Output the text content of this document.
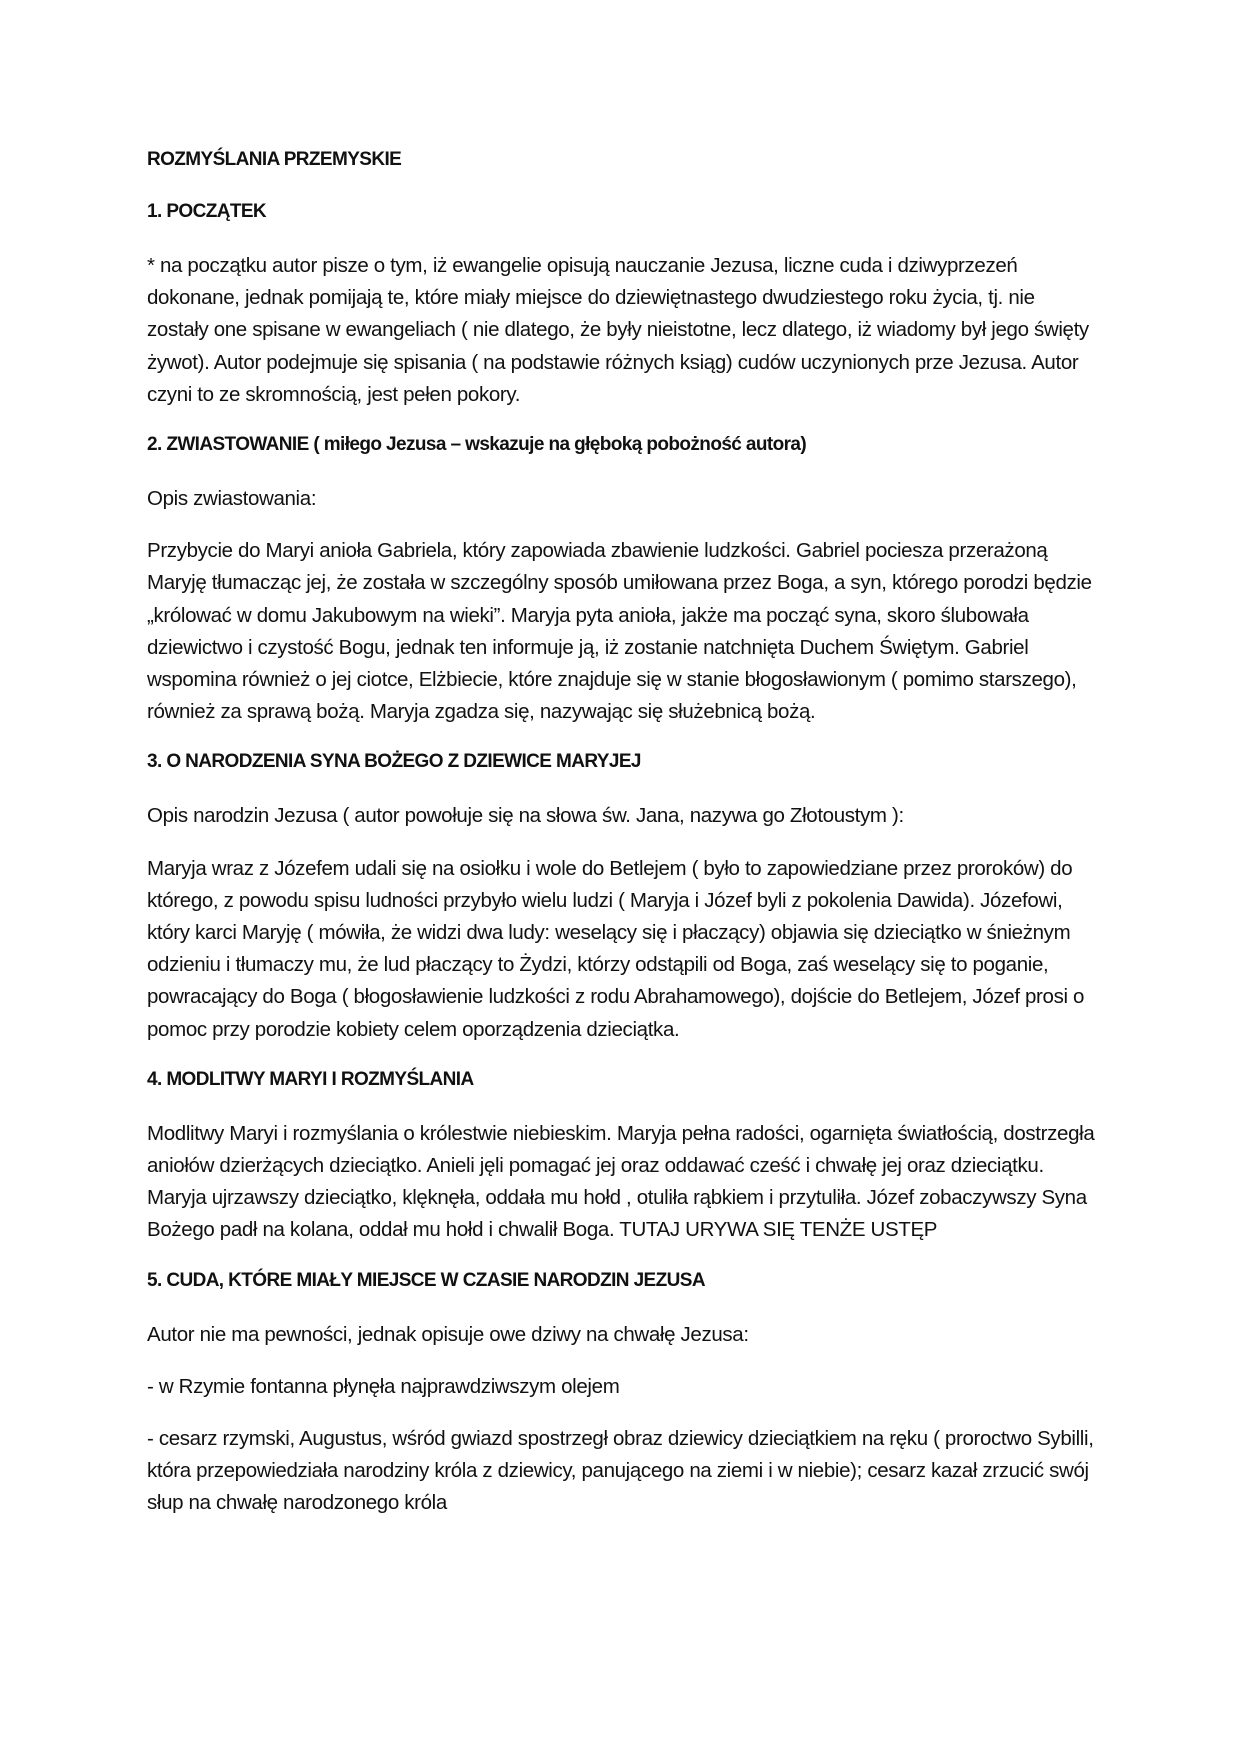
ROZMYŚLANIA PRZEMYSKIE
1. POCZĄTEK
* na początku autor pisze o tym, iż ewangelie opisują nauczanie Jezusa, liczne cuda i dziwyprzezeń dokonane, jednak pomijają te, które miały miejsce do dziewiętnastego dwudziestego roku życia, tj. nie zostały one spisane w ewangeliach ( nie dlatego, że były nieistotne, lecz dlatego, iż wiadomy był jego święty żywot). Autor podejmuje się spisania ( na podstawie różnych ksiąg) cudów uczynionych prze Jezusa. Autor czyni to ze skromnością, jest pełen pokory.
2. ZWIASTOWANIE ( miłego Jezusa – wskazuje na głęboką pobożność autora)
Opis zwiastowania:
Przybycie do Maryi anioła Gabriela, który zapowiada zbawienie ludzkości. Gabriel pociesza przerażoną Maryję tłumacząc jej, że została w szczególny sposób umiłowana przez Boga, a syn, którego porodzi będzie „królować w domu Jakubowym na wieki”. Maryja pyta anioła, jakże ma począć syna, skoro ślubowała dziewictwo i czystość Bogu, jednak ten informuje ją, iż zostanie natchnięta Duchem Świętym. Gabriel wspomina również o jej ciotce, Elżbiecie, które znajduje się w stanie błogosławionym ( pomimo starszego), również za sprawą bożą. Maryja zgadza się, nazywając się służebnicą bożą.
3. O NARODZENIA SYNA BOŻEGO Z DZIEWICE MARYJEJ
Opis narodzin Jezusa ( autor powołuje się na słowa św. Jana, nazywa go Złotoustym ):
Maryja wraz z Józefem udali się na osiołku i wole do Betlejem ( było to zapowiedziane przez proroków) do którego, z powodu spisu ludności przybyło wielu ludzi ( Maryja i Józef byli z pokolenia Dawida). Józefowi, który karci Maryję ( mówiła, że widzi dwa ludy: weselący się i płaczący) objawia się dzieciątko w śnieżnym odzieniu i tłumaczy mu, że lud płaczący to Żydzi, którzy odstąpili od Boga, zaś weselący się to poganie, powracający do Boga ( błogosławienie ludzkości z rodu Abrahamowego), dojście do Betlejem, Józef prosi o pomoc przy porodzie kobiety celem oporządzenia dzieciątka.
4. MODLITWY MARYI I ROZMYŚLANIA
Modlitwy Maryi i rozmyślania o królestwie niebieskim. Maryja pełna radości, ogarnięta światłością, dostrzegła aniołów dzierżących dzieciątko. Anieli jęli pomagać jej oraz oddawać cześć i chwałę jej oraz dzieciątku. Maryja ujrzawszy dzieciątko, klęknęła, oddała mu hołd , otuliła rąbkiem i przytuliła. Józef zobaczywszy Syna Bożego padł na kolana, oddał mu hołd i chwalił Boga. TUTAJ URYWA SIĘ TENŻE USTĘP
5. CUDA, KTÓRE MIAŁY MIEJSCE W CZASIE NARODZIN JEZUSA
Autor nie ma pewności, jednak opisuje owe dziwy na chwałę Jezusa:
- w Rzymie fontanna płynęła najprawdziwszym olejem
- cesarz rzymski, Augustus, wśród gwiazd spostrzegł obraz dziewicy dzieciątkiem na ręku ( proroctwo Sybilli, która przepowiedziała narodziny króla z dziewicy, panującego na ziemi i w niebie); cesarz kazał zrzucić swój słup na chwałę narodzonego króla
